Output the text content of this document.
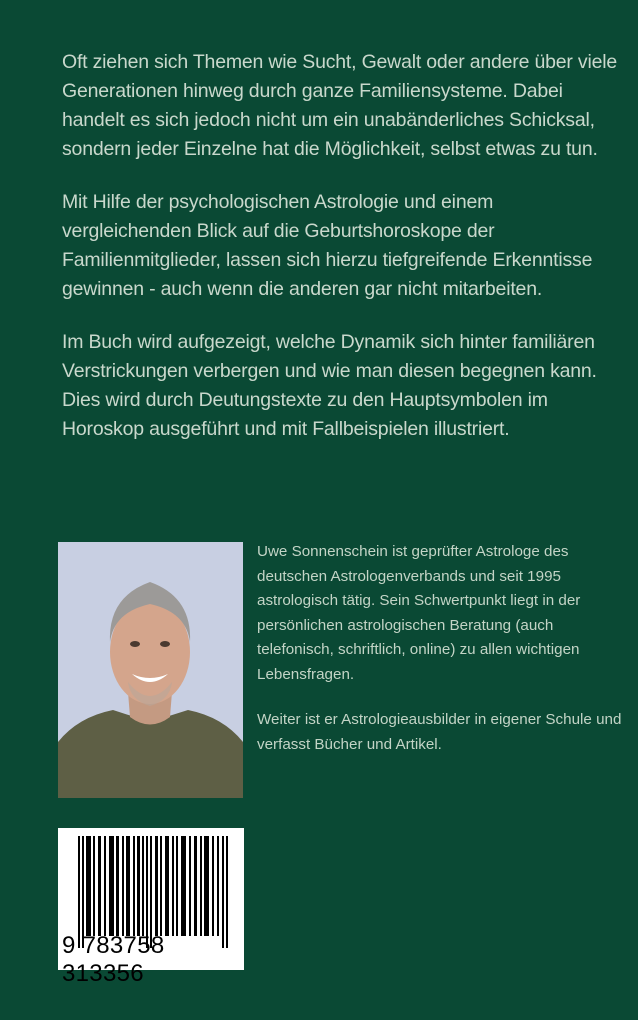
Oft ziehen sich Themen wie Sucht, Gewalt oder andere über viele Generationen hinweg durch ganze Familiensysteme. Dabei handelt es sich jedoch nicht um ein unabänderliches Schicksal, sondern jeder Einzelne hat die Möglichkeit, selbst etwas zu tun.

Mit Hilfe der psychologischen Astrologie und einem vergleichenden Blick auf die Geburtshoroskope der Familienmitglieder, lassen sich hierzu tiefgreifende Erkenntisse gewinnen - auch wenn die anderen gar nicht mitarbeiten.

Im Buch wird aufgezeigt, welche Dynamik sich hinter familiären Verstrickungen verbergen und wie man diesen begegnen kann. Dies wird durch Deutungstexte zu den Hauptsymbolen im Horoskop ausgeführt und mit Fallbeispielen illustriert.

Uwe Sonnenschein ist geprüfter Astrologe des deutschen Astrologenverbands und seit 1995 astrologisch tätig. Sein Schwertpunkt liegt in der persönlichen astrologischen Beratung (auch telefonisch, schriftlich, online) zu allen wichtigen Lebensfragen.

Weiter ist er Astrologieausbilder in eigener Schule und verfasst Bücher und Artikel.

9 783758 313356
